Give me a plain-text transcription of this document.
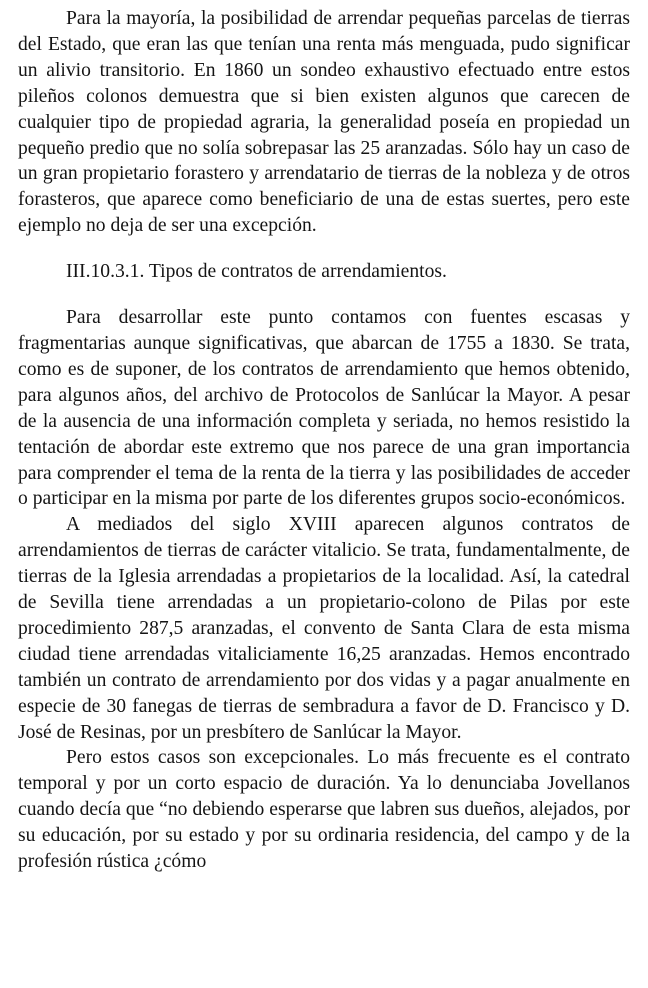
Para la mayoría, la posibilidad de arrendar pequeñas parcelas de tierras del Estado, que eran las que tenían una renta más menguada, pudo significar un alivio transitorio. En 1860 un sondeo exhaustivo efectuado entre estos pileños colonos demuestra que si bien existen algunos que carecen de cualquier tipo de propiedad agraria, la generalidad poseía en propiedad un pequeño predio que no solía sobrepasar las 25 aranzadas. Sólo hay un caso de un gran propietario forastero y arrendatario de tierras de la nobleza y de otros forasteros, que aparece como beneficiario de una de estas suertes, pero este ejemplo no deja de ser una excepción.

III.10.3.1. Tipos de contratos de arrendamientos.

Para desarrollar este punto contamos con fuentes escasas y fragmentarias aunque significativas, que abarcan de 1755 a 1830. Se trata, como es de suponer, de los contratos de arrendamiento que hemos obtenido, para algunos años, del archivo de Protocolos de Sanlúcar la Mayor. A pesar de la ausencia de una información completa y seriada, no hemos resistido la tentación de abordar este extremo que nos parece de una gran importancia para comprender el tema de la renta de la tierra y las posibilidades de acceder o participar en la misma por parte de los diferentes grupos socio-económicos.

A mediados del siglo XVIII aparecen algunos contratos de arrendamientos de tierras de carácter vitalicio. Se trata, fundamentalmente, de tierras de la Iglesia arrendadas a propietarios de la localidad. Así, la catedral de Sevilla tiene arrendadas a un propietario-colono de Pilas por este procedimiento 287,5 aranzadas, el convento de Santa Clara de esta misma ciudad tiene arrendadas vitaliciamente 16,25 aranzadas. Hemos encontrado también un contrato de arrendamiento por dos vidas y a pagar anualmente en especie de 30 fanegas de tierras de sembradura a favor de D. Francisco y D. José de Resinas, por un presbítero de Sanlúcar la Mayor.

Pero estos casos son excepcionales. Lo más frecuente es el contrato temporal y por un corto espacio de duración. Ya lo denunciaba Jovellanos cuando decía que “no debiendo esperarse que labren sus dueños, alejados, por su educación, por su estado y por su ordinaria residencia, del campo y de la profesión rústica ¿cómo
